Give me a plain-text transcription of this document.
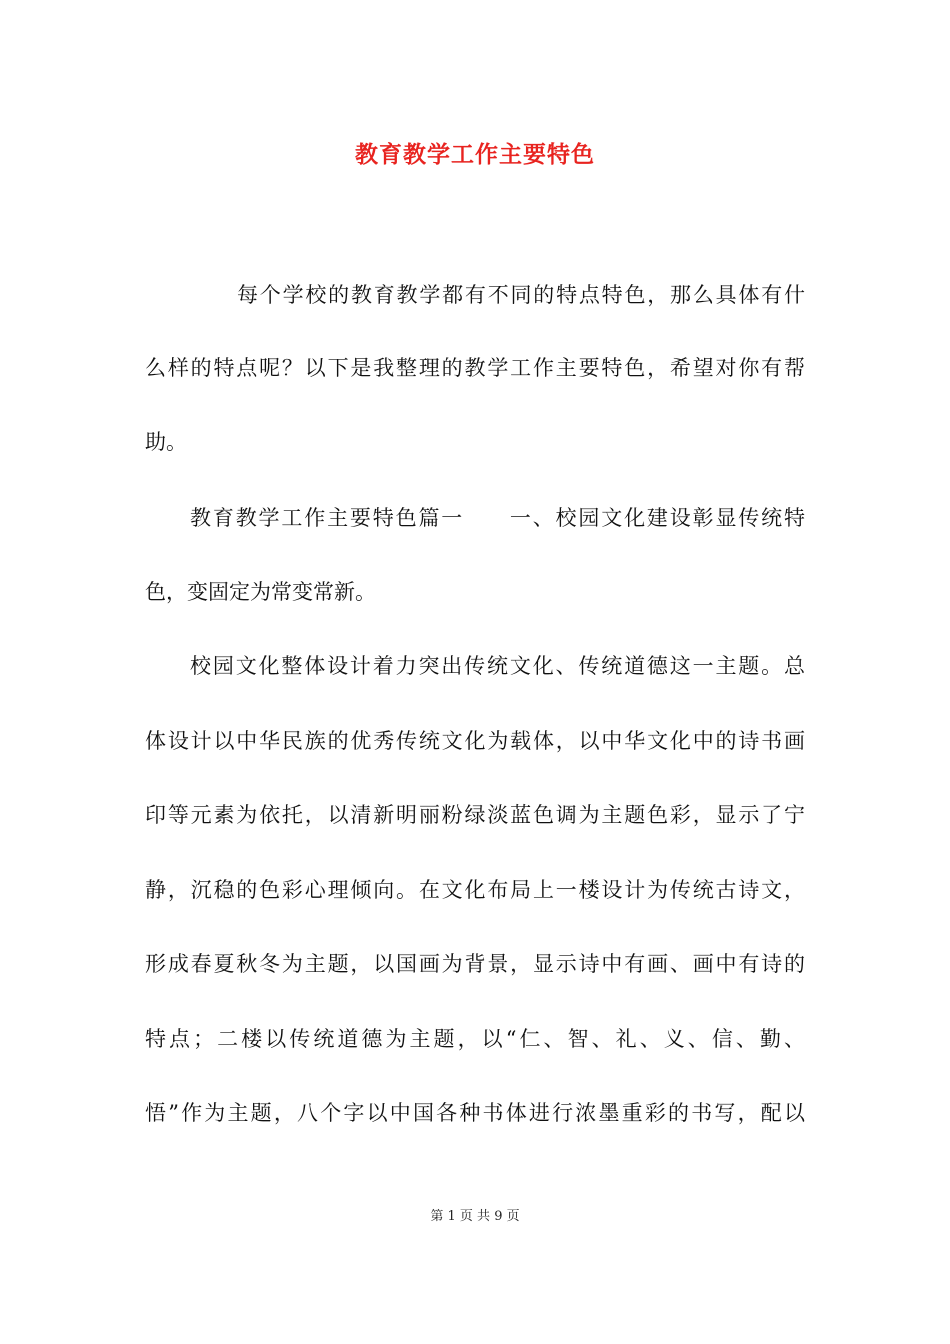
教育教学工作主要特色
每个学校的教育教学都有不同的特点特色，那么具体有什
么样的特点呢？以下是我整理的教学工作主要特色，希望对你有帮
助。
教育教学工作主要特色篇一　　一、校园文化建设彰显传统特
色，变固定为常变常新。
校园文化整体设计着力突出传统文化、传统道德这一主题。总
体设计以中华民族的优秀传统文化为载体，以中华文化中的诗书画
印等元素为依托，以清新明丽粉绿淡蓝色调为主题色彩，显示了宁
静，沉稳的色彩心理倾向。在文化布局上一楼设计为传统古诗文，
形成春夏秋冬为主题，以国画为背景，显示诗中有画、画中有诗的
特点；二楼以传统道德为主题，以“仁、智、礼、义、信、勤、
悟”作为主题，八个字以中国各种书体进行浓墨重彩的书写，配以
第 1 页 共 9 页
